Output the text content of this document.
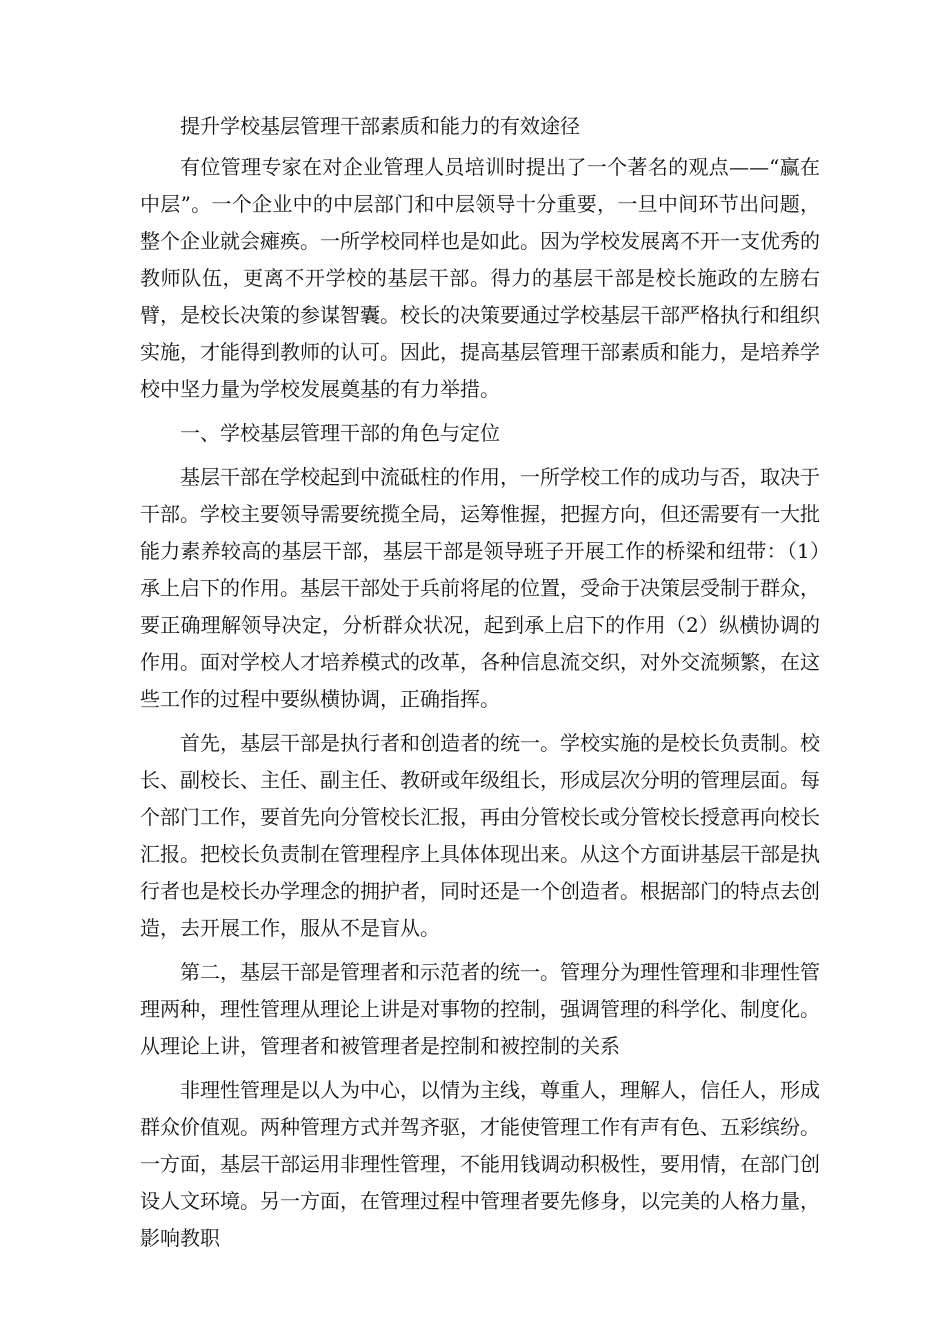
提升学校基层管理干部素质和能力的有效途径

有位管理专家在对企业管理人员培训时提出了一个著名的观点——“赢在中层”。一个企业中的中层部门和中层领导十分重要，一旦中间环节出问题，整个企业就会瘫痪。一所学校同样也是如此。因为学校发展离不开一支优秀的教师队伍，更离不开学校的基层干部。得力的基层干部是校长施政的左膀右臂，是校长决策的参谋智囊。校长的决策要通过学校基层干部严格执行和组织实施，才能得到教师的认可。因此，提高基层管理干部素质和能力，是培养学校中坚力量为学校发展奠基的有力举措。

一、学校基层管理干部的角色与定位

基层干部在学校起到中流砥柱的作用，一所学校工作的成功与否，取决于干部。学校主要领导需要统揽全局，运筹惟握，把握方向，但还需要有一大批能力素养较高的基层干部，基层干部是领导班子开展工作的桥梁和纽带：（1）承上启下的作用。基层干部处于兵前将尾的位置，受命于决策层受制于群众，要正确理解领导决定，分析群众状况，起到承上启下的作用（2）纵横协调的作用。面对学校人才培养模式的改革，各种信息流交织，对外交流频繁，在这些工作的过程中要纵横协调，正确指挥。

首先，基层干部是执行者和创造者的统一。学校实施的是校长负责制。校长、副校长、主任、副主任、教研或年级组长，形成层次分明的管理层面。每个部门工作，要首先向分管校长汇报，再由分管校长或分管校长授意再向校长汇报。把校长负责制在管理程序上具体体现出来。从这个方面讲基层干部是执行者也是校长办学理念的拥护者，同时还是一个创造者。根据部门的特点去创造，去开展工作，服从不是盲从。

第二，基层干部是管理者和示范者的统一。管理分为理性管理和非理性管理两种，理性管理从理论上讲是对事物的控制，强调管理的科学化、制度化。从理论上讲，管理者和被管理者是控制和被控制的关系

非理性管理是以人为中心，以情为主线，尊重人，理解人，信任人，形成群众价值观。两种管理方式并驾齐驱，才能使管理工作有声有色、五彩缤纷。一方面，基层干部运用非理性管理，不能用钱调动积极性，要用情，在部门创设人文环境。另一方面，在管理过程中管理者要先修身，以完美的人格力量，影响教职
